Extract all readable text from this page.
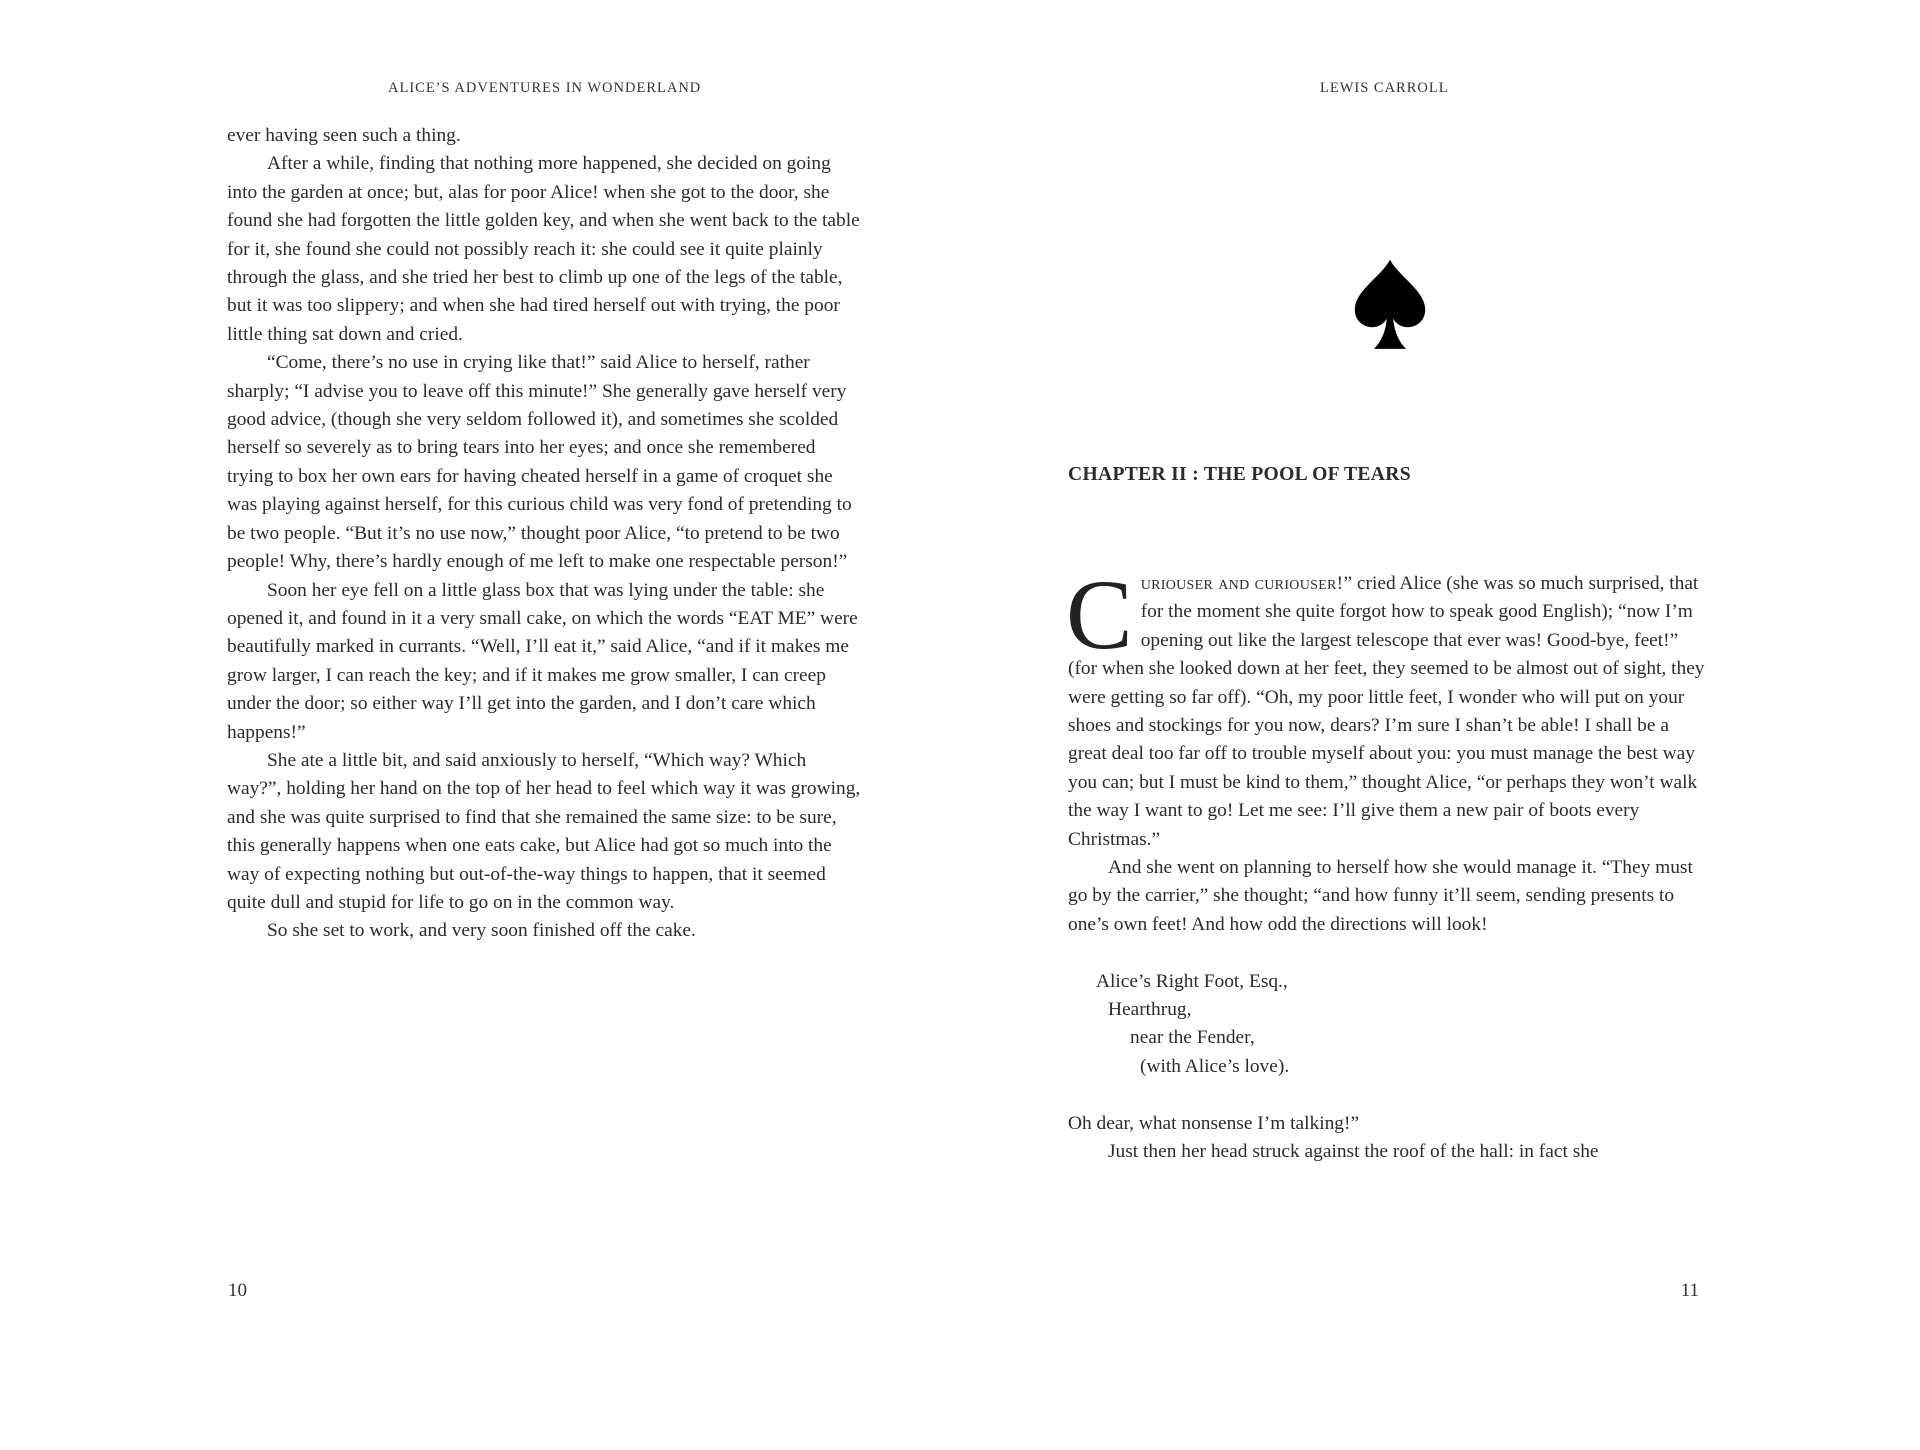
ALICE’S ADVENTURES IN WONDERLAND

ever having seen such a thing.

After a while, finding that nothing more happened, she decided on going into the garden at once; but, alas for poor Alice! when she got to the door, she found she had forgotten the little golden key, and when she went back to the table for it, she found she could not possibly reach it: she could see it quite plainly through the glass, and she tried her best to climb up one of the legs of the table, but it was too slippery; and when she had tired herself out with trying, the poor little thing sat down and cried.

“Come, there’s no use in crying like that!” said Alice to herself, rather sharply; “I advise you to leave off this minute!” She generally gave herself very good advice, (though she very seldom followed it), and sometimes she scolded herself so severely as to bring tears into her eyes; and once she remembered trying to box her own ears for having cheated herself in a game of croquet she was playing against herself, for this curious child was very fond of pretending to be two people. “But it’s no use now,” thought poor Alice, “to pretend to be two people! Why, there’s hardly enough of me left to make one respectable person!”

Soon her eye fell on a little glass box that was lying under the table: she opened it, and found in it a very small cake, on which the words “EAT ME” were beautifully marked in currants. “Well, I’ll eat it,” said Alice, “and if it makes me grow larger, I can reach the key; and if it makes me grow smaller, I can creep under the door; so either way I’ll get into the garden, and I don’t care which happens!”

She ate a little bit, and said anxiously to herself, “Which way? Which way?”, holding her hand on the top of her head to feel which way it was growing, and she was quite surprised to find that she remained the same size: to be sure, this generally happens when one eats cake, but Alice had got so much into the way of expecting nothing but out-of-the-way things to happen, that it seemed quite dull and stupid for life to go on in the common way.

So she set to work, and very soon finished off the cake.

10
LEWIS CARROLL
11
CHAPTER II : THE POOL OF TEARS

Curiouser and curiouser!” cried Alice (she was so much surprised, that for the moment she quite forgot how to speak good English); “now I’m opening out like the largest telescope that ever was! Good-bye, feet!” (for when she looked down at her feet, they seemed to be almost out of sight, they were getting so far off). “Oh, my poor little feet, I wonder who will put on your shoes and stockings for you now, dears? I’m sure I shan’t be able! I shall be a great deal too far off to trouble myself about you: you must manage the best way you can; but I must be kind to them,” thought Alice, “or perhaps they won’t walk the way I want to go! Let me see: I’ll give them a new pair of boots every Christmas.”

And she went on planning to herself how she would manage it. “They must go by the carrier,” she thought; “and how funny it’ll seem, sending presents to one’s own feet! And how odd the directions will look!

Alice’s Right Foot, Esq.,
Hearthrug,
near the Fender,
(with Alice’s love).

Oh dear, what nonsense I’m talking!”

Just then her head struck against the roof of the hall: in fact she
